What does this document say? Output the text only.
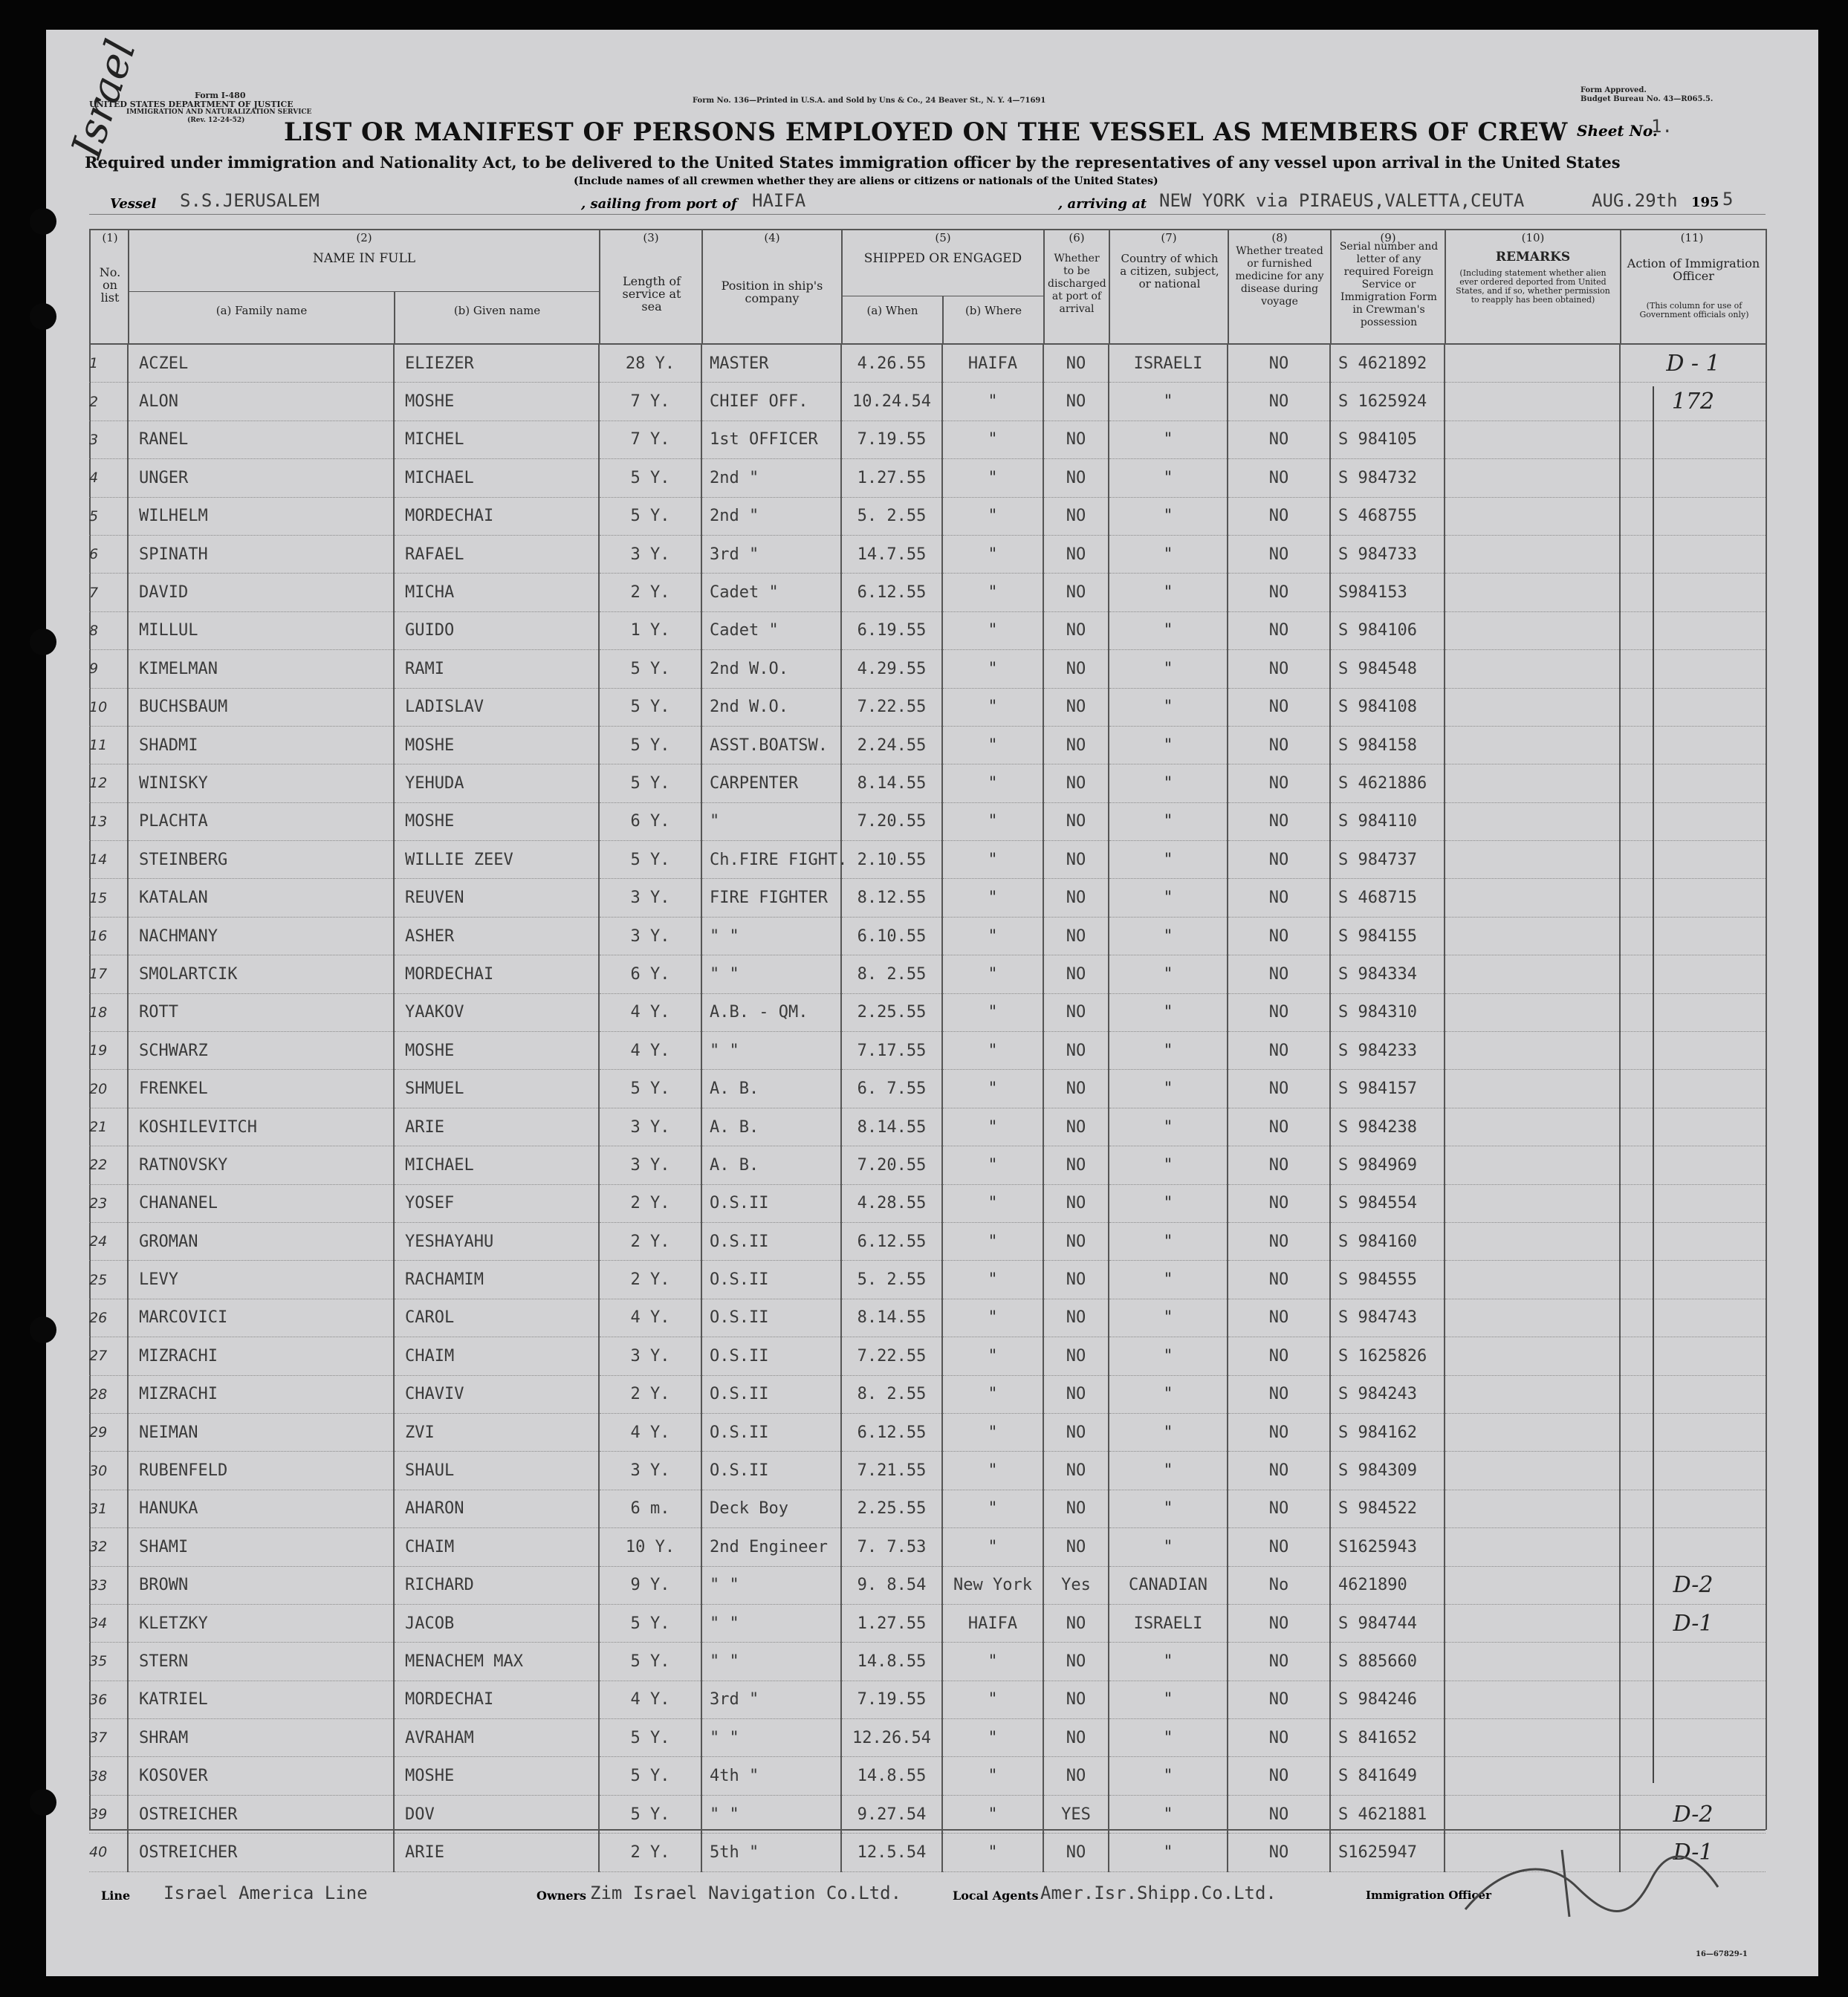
Form I-480
UNITED STATES DEPARTMENT OF JUSTICE
IMMIGRATION AND NATURALIZATION SERVICE
(Rev. 12-24-52)
Form No. 136—Printed in U.S.A. and Sold by Uns & Co., 24 Beaver St., N. Y. 4—71691
Form Approved.
Budget Bureau No. 43—R065.5.
LIST OR MANIFEST OF PERSONS EMPLOYED ON THE VESSEL AS MEMBERS OF CREW Sheet No.
1.
Required under immigration and Nationality Act, to be delivered to the United States immigration officer by the representatives of any vessel upon arrival in the United States
(Include names of all crewmen whether they are aliens or citizens or nationals of the United States)
Israel
Vessel S.S.JERUSALEM	, sailing from port of HAIFA	, arriving at NEW YORK via PIRAEUS,VALETTA,CEUTA	AUG.29th 195 5
(1)	(2)	(3)	(4)	(5)	(6)	(7)	(8)	(9)	(10)	(11)
No. on list
NAME IN FULL
(a) Family name	(b) Given name
Length of service at sea
Position in ship's company
SHIPPED OR ENGAGED
(a) When	(b) Where
Whether to be discharged at port of arrival
Country of which a citizen, subject, or national
Whether treated or furnished medicine for any disease during voyage
Serial number and letter of any required Foreign Service or Immigration Form in Crewman's possession
REMARKS
(Including statement whether alien ever ordered deported from United States, and if so, whether permission to reapply has been obtained)
Action of Immigration Officer
(This column for use of Government officials only)
1	ACZEL	ELIEZER	28 Y.	MASTER	4.26.55	HAIFA	NO	ISRAELI	NO	S 4621892		D - 1

2	ALON	MOSHE	7 Y.	CHIEF OFF.	10.24.54	"	NO	"	NO	S 1625924		172

3	RANEL	MICHEL	7 Y.	1st OFFICER	7.19.55	"	NO	"	NO	S 984105		

4	UNGER	MICHAEL	5 Y.	2nd "	1.27.55	"	NO	"	NO	S 984732		

5	WILHELM	MORDECHAI	5 Y.	2nd "	5. 2.55	"	NO	"	NO	S 468755		

6	SPINATH	RAFAEL	3 Y.	3rd "	14.7.55	"	NO	"	NO	S 984733		

7	DAVID	MICHA	2 Y.	Cadet "	6.12.55	"	NO	"	NO	S984153		

8	MILLUL	GUIDO	1 Y.	Cadet "	6.19.55	"	NO	"	NO	S 984106		

9	KIMELMAN	RAMI	5 Y.	2nd W.O.	4.29.55	"	NO	"	NO	S 984548		

10	BUCHSBAUM	LADISLAV	5 Y.	2nd W.O.	7.22.55	"	NO	"	NO	S 984108		

11	SHADMI	MOSHE	5 Y.	ASST.BOATSW.	2.24.55	"	NO	"	NO	S 984158		

12	WINISKY	YEHUDA	5 Y.	CARPENTER	8.14.55	"	NO	"	NO	S 4621886		

13	PLACHTA	MOSHE	6 Y.	"	7.20.55	"	NO	"	NO	S 984110		

14	STEINBERG	WILLIE ZEEV	5 Y.	Ch.FIRE FIGHT.	2.10.55	"	NO	"	NO	S 984737		

15	KATALAN	REUVEN	3 Y.	FIRE FIGHTER	8.12.55	"	NO	"	NO	S 468715		

16	NACHMANY	ASHER	3 Y.	" "	6.10.55	"	NO	"	NO	S 984155		

17	SMOLARTCIK	MORDECHAI	6 Y.	" "	8. 2.55	"	NO	"	NO	S 984334		

18	ROTT	YAAKOV	4 Y.	A.B. - QM.	2.25.55	"	NO	"	NO	S 984310		

19	SCHWARZ	MOSHE	4 Y.	" "	7.17.55	"	NO	"	NO	S 984233		

20	FRENKEL	SHMUEL	5 Y.	A. B.	6. 7.55	"	NO	"	NO	S 984157		

21	KOSHILEVITCH	ARIE	3 Y.	A. B.	8.14.55	"	NO	"	NO	S 984238		

22	RATNOVSKY	MICHAEL	3 Y.	A. B.	7.20.55	"	NO	"	NO	S 984969		

23	CHANANEL	YOSEF	2 Y.	O.S.II	4.28.55	"	NO	"	NO	S 984554		

24	GROMAN	YESHAYAHU	2 Y.	O.S.II	6.12.55	"	NO	"	NO	S 984160		

25	LEVY	RACHAMIM	2 Y.	O.S.II	5. 2.55	"	NO	"	NO	S 984555		

26	MARCOVICI	CAROL	4 Y.	O.S.II	8.14.55	"	NO	"	NO	S 984743		

27	MIZRACHI	CHAIM	3 Y.	O.S.II	7.22.55	"	NO	"	NO	S 1625826		

28	MIZRACHI	CHAVIV	2 Y.	O.S.II	8. 2.55	"	NO	"	NO	S 984243		

29	NEIMAN	ZVI	4 Y.	O.S.II	6.12.55	"	NO	"	NO	S 984162		

30	RUBENFELD	SHAUL	3 Y.	O.S.II	7.21.55	"	NO	"	NO	S 984309		

31	HANUKA	AHARON	6 m.	Deck Boy	2.25.55	"	NO	"	NO	S 984522		

32	SHAMI	CHAIM	10 Y.	2nd Engineer	7. 7.53	"	NO	"	NO	S1625943		

33	BROWN	RICHARD	9 Y.	" "	9. 8.54	New York	Yes	CANADIAN	No	4621890		D-2

34	KLETZKY	JACOB	5 Y.	" "	1.27.55	HAIFA	NO	ISRAELI	NO	S 984744		D-1

35	STERN	MENACHEM MAX	5 Y.	" "	14.8.55	"	NO	"	NO	S 885660		

36	KATRIEL	MORDECHAI	4 Y.	3rd "	7.19.55	"	NO	"	NO	S 984246		

37	SHRAM	AVRAHAM	5 Y.	" "	12.26.54	"	NO	"	NO	S 841652		

38	KOSOVER	MOSHE	5 Y.	4th "	14.8.55	"	NO	"	NO	S 841649		

39	OSTREICHER	DOV	5 Y.	" "	9.27.54	"	YES	"	NO	S 4621881		D-2

40	OSTREICHER	ARIE	2 Y.	5th "	12.5.54	"	NO	"	NO	S1625947		D-1
Line Israel America Line	Owners Zim Israel Navigation Co.Ltd.	Local Agents Amer.Isr.Shipp.Co.Ltd.	Immigration Officer
16—67829-1
